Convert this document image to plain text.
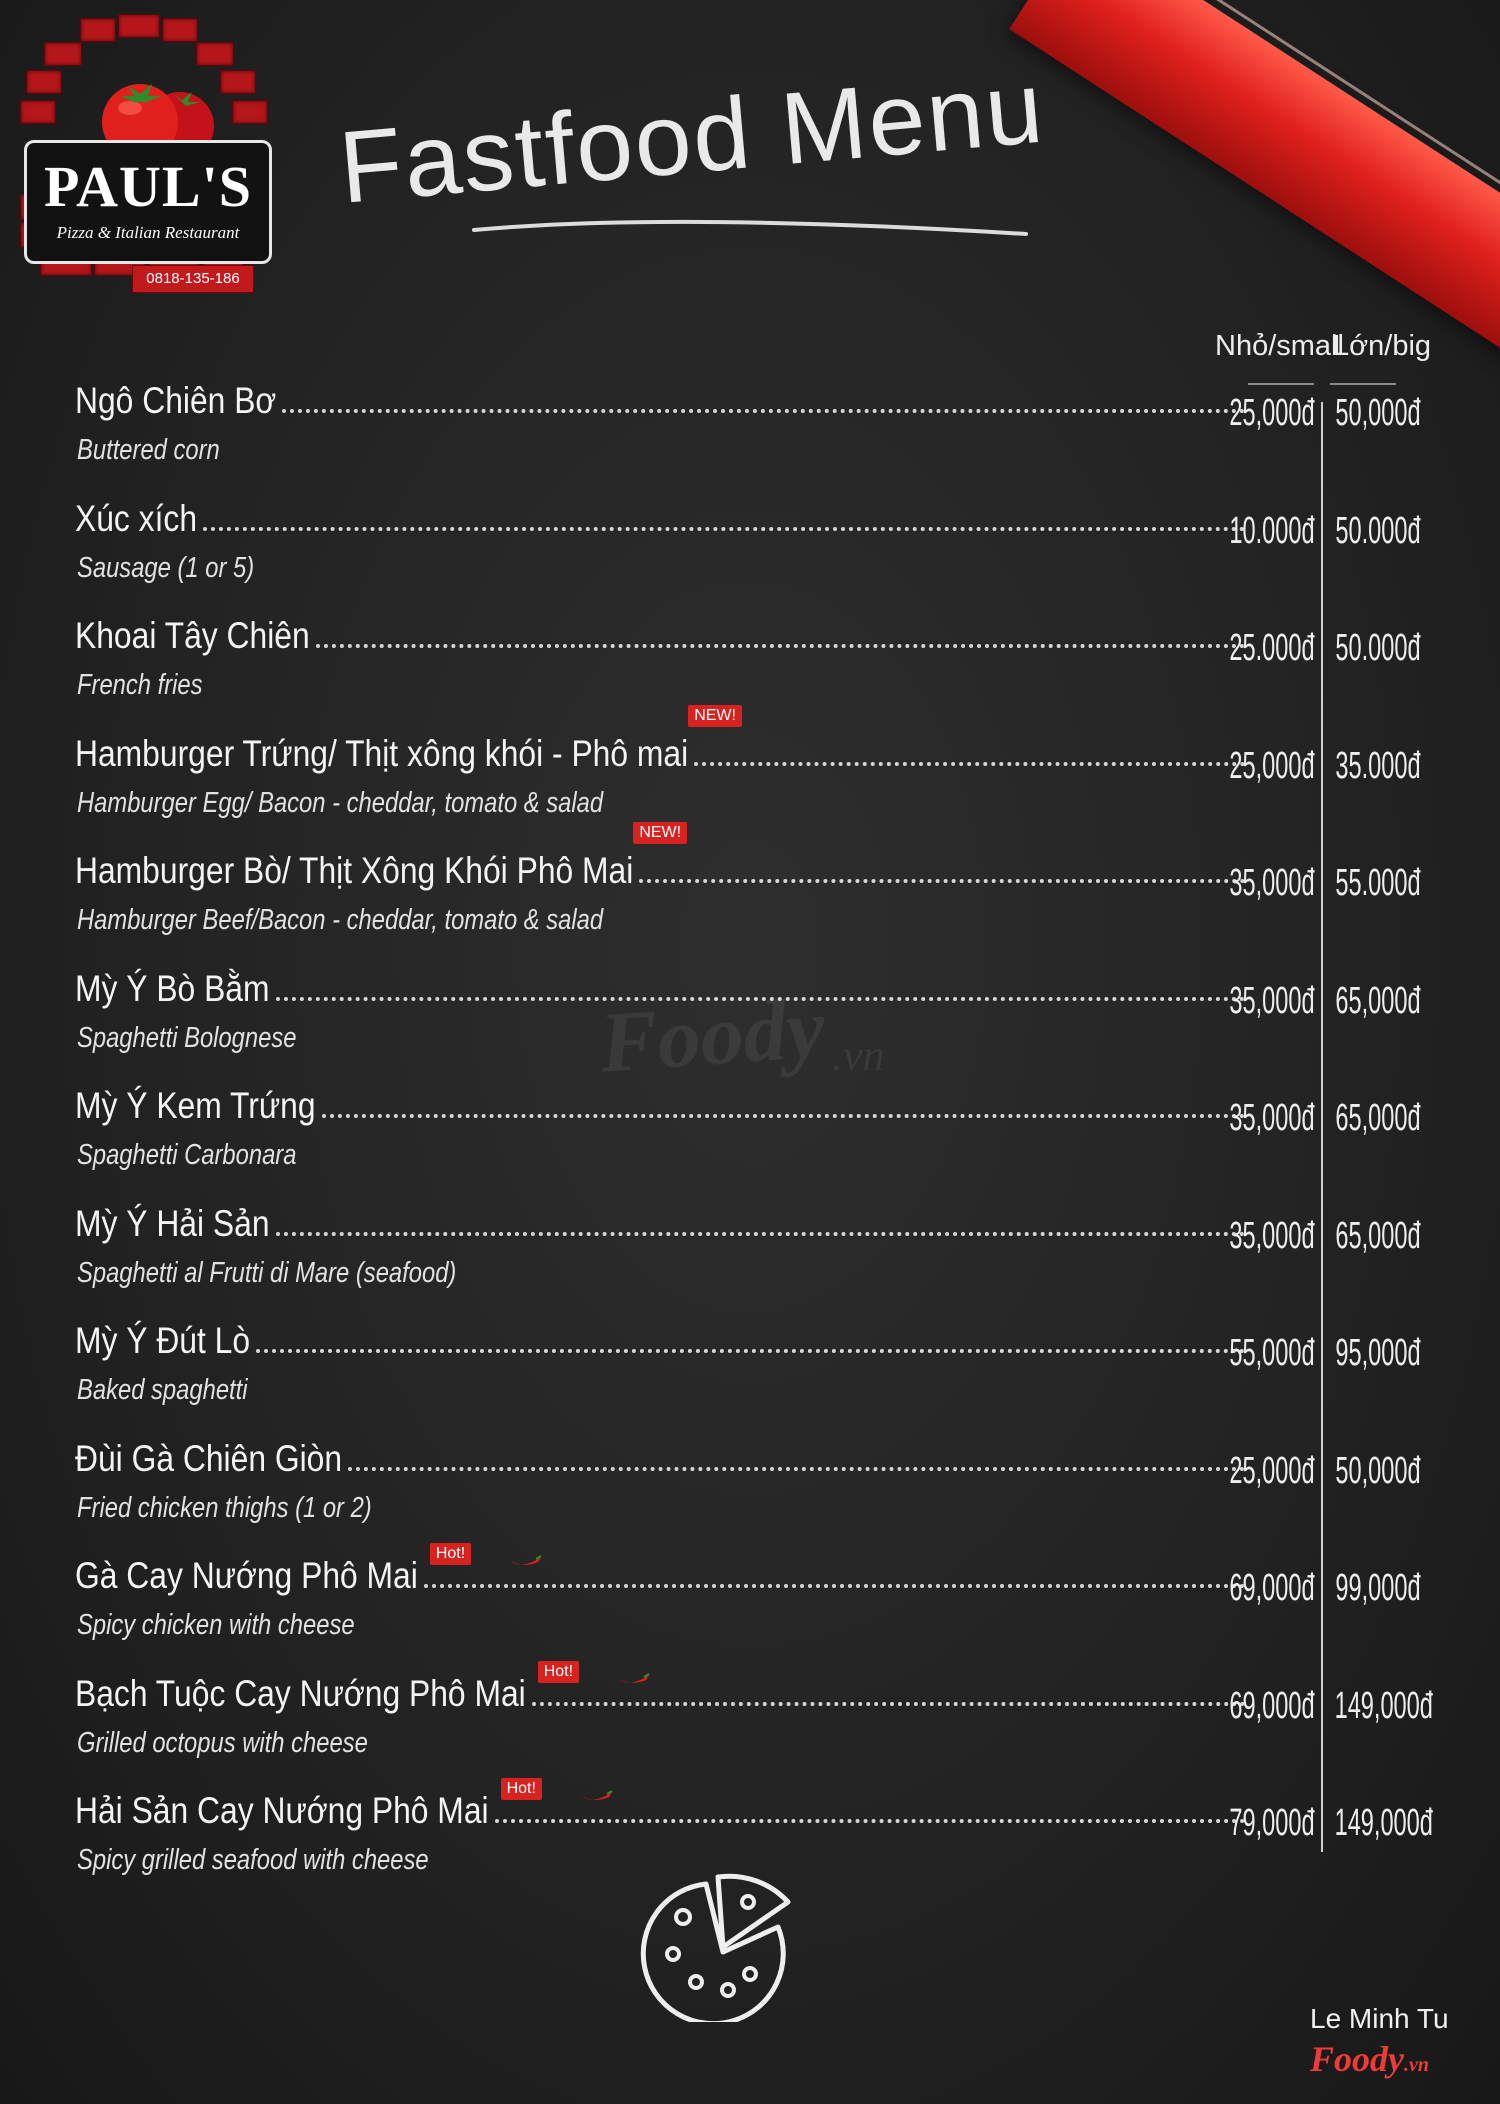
PAUL'S
Pizza & Italian Restaurant
0818-135-186
Fastfood Menu
Nhỏ/small
Lớn/big
Ngô Chiên Bơ
Buttered corn
25,000đ 50,000đ
Xúc xích
Sausage (1 or 5)
10.000đ 50.000đ
Khoai Tây Chiên
French fries
25.000đ 50.000đ
Hamburger Trứng/ Thịt xông khói - Phô mai
Hamburger Egg/ Bacon - cheddar, tomato & salad
25,000đ 35.000đ
NEW!
Hamburger Bò/ Thịt Xông Khói Phô Mai
Hamburger Beef/Bacon - cheddar, tomato & salad
35,000đ 55.000đ
NEW!
Mỳ Ý Bò Bằm
Spaghetti Bolognese
35,000đ 65,000đ
Mỳ Ý Kem Trứng
Spaghetti Carbonara
35,000đ 65,000đ
Mỳ Ý Hải Sản
Spaghetti al Frutti di Mare (seafood)
35,000đ 65,000đ
Mỳ Ý Đút Lò
Baked spaghetti
55,000đ 95,000đ
Đùi Gà Chiên Giòn
Fried chicken thighs (1 or 2)
25,000đ 50,000đ
Gà Cay Nướng Phô Mai
Spicy chicken with cheese
69,000đ 99,000đ
Hot!
Bạch Tuộc Cay Nướng Phô Mai
Grilled octopus with cheese
69,000đ 149,000đ
Hot!
Hải Sản Cay Nướng Phô Mai
Spicy grilled seafood with cheese
79,000đ 149,000đ
Hot!
Foody .vn
Le Minh Tu
Foody.vn
